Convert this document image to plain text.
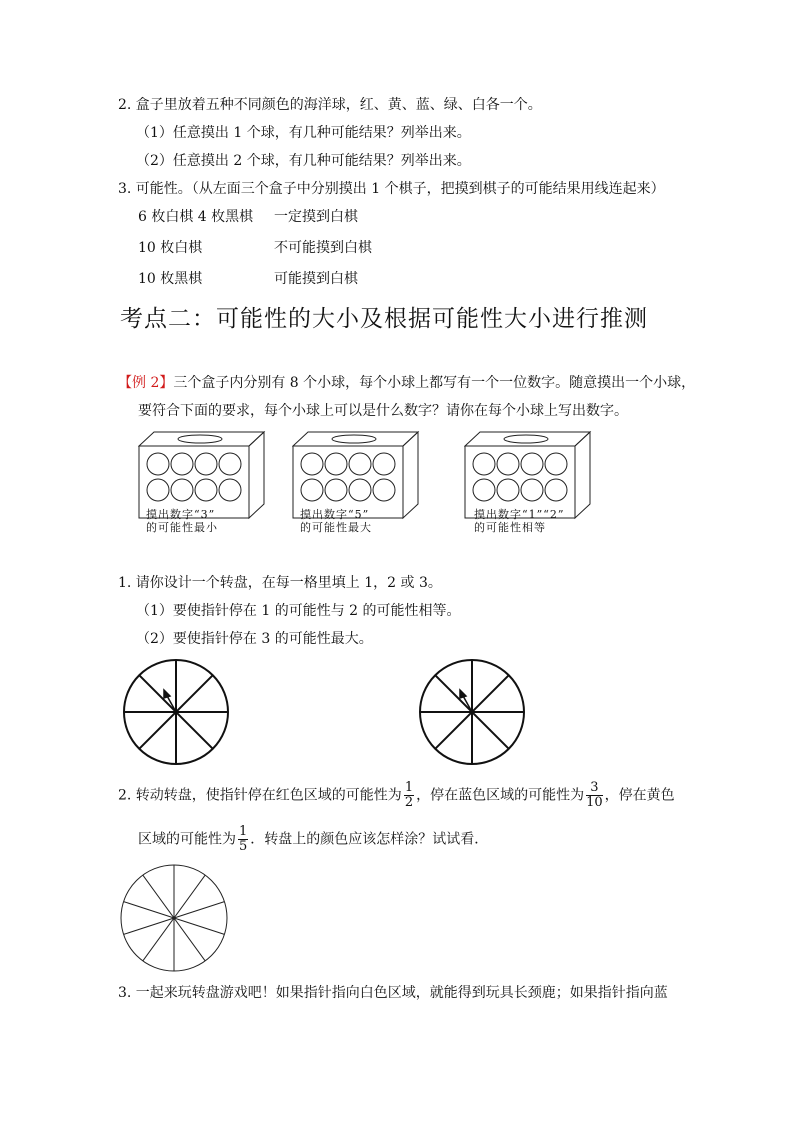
2. 盒子里放着五种不同颜色的海洋球，红、黄、蓝、绿、白各一个。
（1）任意摸出 1 个球，有几种可能结果？列举出来。
（2）任意摸出 2 个球，有几种可能结果？列举出来。
3. 可能性。（从左面三个盒子中分别摸出 1 个棋子，把摸到棋子的可能结果用线连起来）
6 枚白棋 4 枚黑棋 一定摸到白棋
10 枚白棋	不可能摸到白棋
10 枚黑棋	可能摸到白棋
考点二：可能性的大小及根据可能性大小进行推测
【例 2】三个盒子内分别有 8 个小球，每个小球上都写有一个一位数字。随意摸出一个小球，
要符合下面的要求，每个小球上可以是什么数字？请你在每个小球上写出数字。
摸出数字“3”
的可能性最小
摸出数字“5”
的可能性最大
摸出数字“1”“2”
的可能性相等
1. 请你设计一个转盘，在每一格里填上 1，2 或 3。
（1）要使指针停在 1 的可能性与 2 的可能性相等。
（2）要使指针停在 3 的可能性最大。
2. 转动转盘，使指针停在红色区域的可能性为 $\frac{1}{2}$ ，停在蓝色区域的可能性为 $\frac{3}{10}$ ，停在黄色
区域的可能性为 $\frac{1}{5}$ ．转盘上的颜色应该怎样涂？试试看．
3. 一起来玩转盘游戏吧！如果指针指向白色区域，就能得到玩具长颈鹿；如果指针指向蓝
